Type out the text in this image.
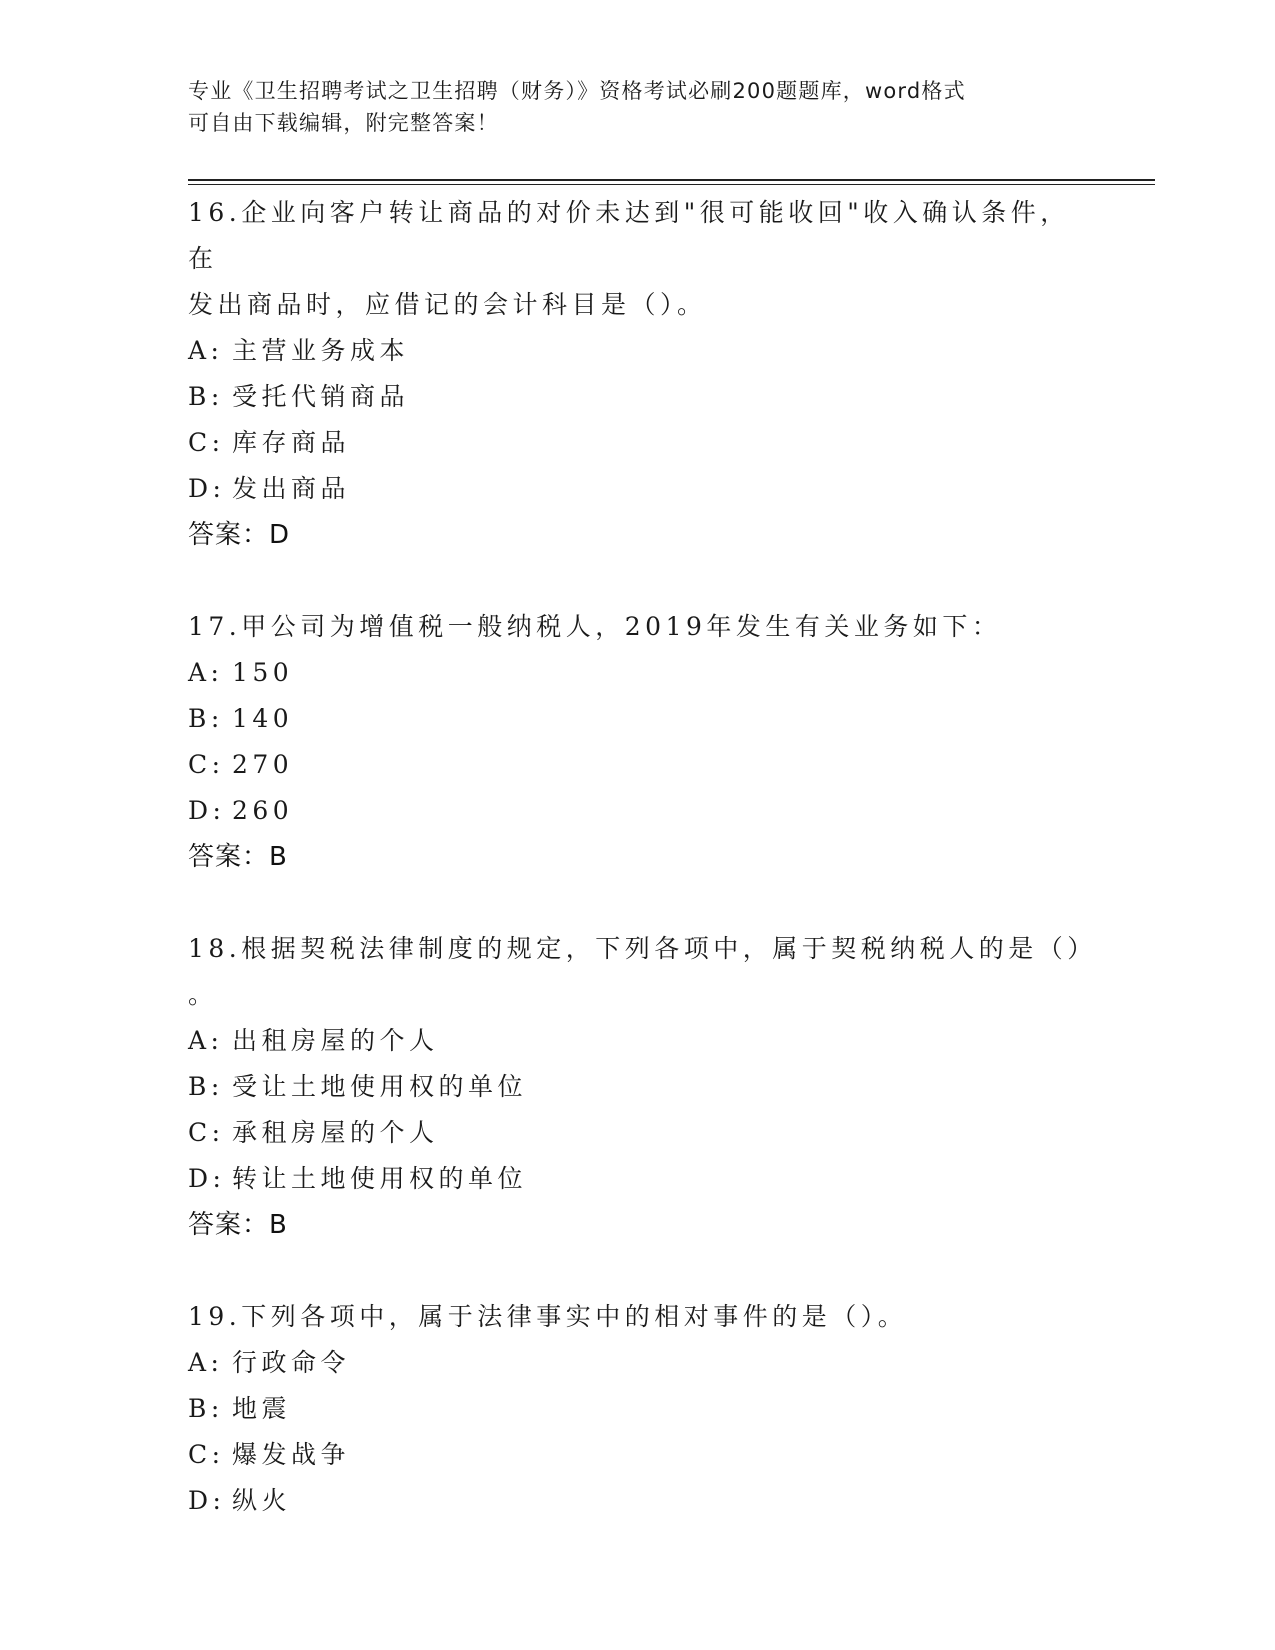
专业《卫生招聘考试之卫生招聘（财务）》资格考试必刷200题题库，word格式
可自由下载编辑，附完整答案！

16.企业向客户转让商品的对价未达到"很可能收回"收入确认条件，在

发出商品时，应借记的会计科目是（）。

A: 主营业务成本

B: 受托代销商品

C: 库存商品

D: 发出商品

答案：D

17.甲公司为增值税一般纳税人，2019年发生有关业务如下：

A: 150

B: 140

C: 270

D: 260

答案：B

18.根据契税法律制度的规定，下列各项中，属于契税纳税人的是（）

。

A: 出租房屋的个人

B: 受让土地使用权的单位

C: 承租房屋的个人

D: 转让土地使用权的单位

答案：B

19.下列各项中，属于法律事实中的相对事件的是（）。

A: 行政命令

B: 地震

C: 爆发战争

D: 纵火
